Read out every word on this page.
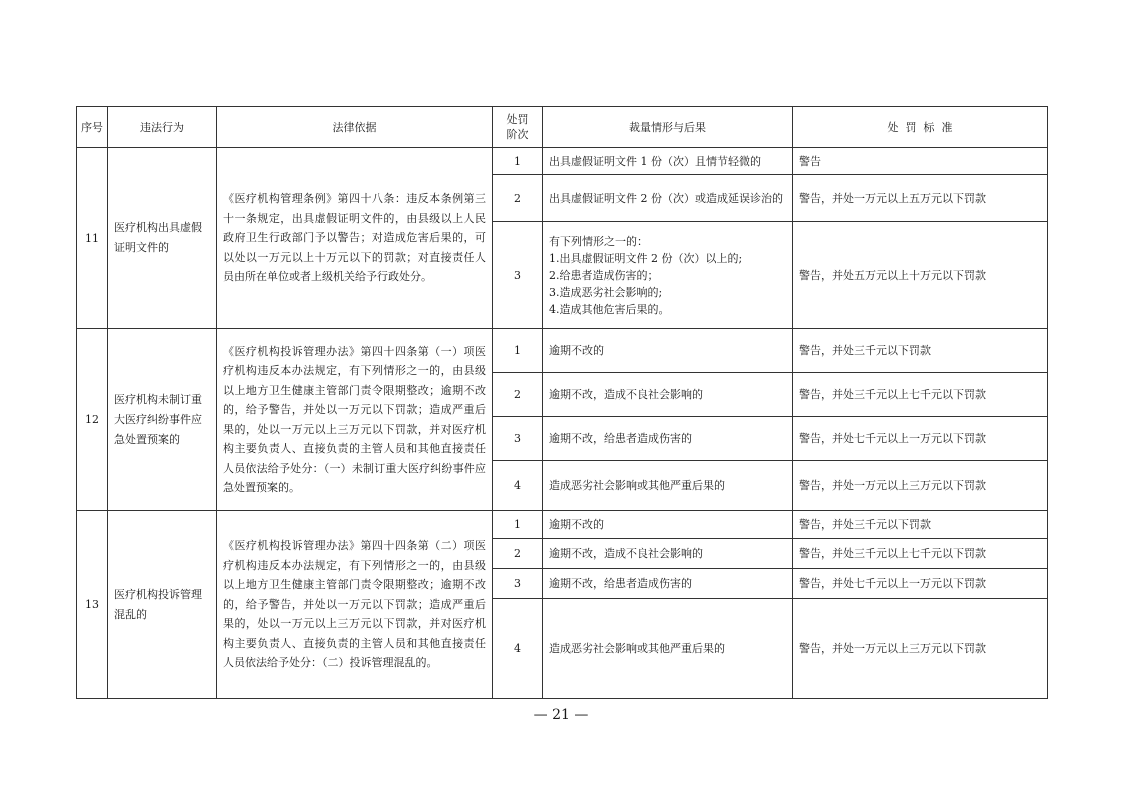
序号	违法行为	法律依据	处罚阶次	裁量情形与后果	处  罚  标  准
11	医疗机构出具虚假证明文件的	《医疗机构管理条例》第四十八条：违反本条例第三十一条规定，出具虚假证明文件的，由县级以上人民政府卫生行政部门予以警告；对造成危害后果的，可以处以一万元以上十万元以下的罚款；对直接责任人员由所在单位或者上级机关给予行政处分。	1	出具虚假证明文件 1 份（次）且情节轻微的	警告
			2	出具虚假证明文件 2 份（次）或造成延误诊治的	警告，并处一万元以上五万元以下罚款
			3	有下列情形之一的：
1.出具虚假证明文件 2 份（次）以上的;
2.给患者造成伤害的；
3.造成恶劣社会影响的;
4.造成其他危害后果的。	警告，并处五万元以上十万元以下罚款
12	医疗机构未制订重大医疗纠纷事件应急处置预案的	《医疗机构投诉管理办法》第四十四条第（一）项医疗机构违反本办法规定，有下列情形之一的，由县级以上地方卫生健康主管部门责令限期整改；逾期不改的，给予警告，并处以一万元以下罚款；造成严重后果的，处以一万元以上三万元以下罚款，并对医疗机构主要负责人、直接负责的主管人员和其他直接责任人员依法给予处分：（一）未制订重大医疗纠纷事件应急处置预案的。	1	逾期不改的	警告，并处三千元以下罚款
			2	逾期不改，造成不良社会影响的	警告，并处三千元以上七千元以下罚款
			3	逾期不改，给患者造成伤害的	警告，并处七千元以上一万元以下罚款
			4	造成恶劣社会影响或其他严重后果的	警告，并处一万元以上三万元以下罚款
13	医疗机构投诉管理混乱的	《医疗机构投诉管理办法》第四十四条第（二）项医疗机构违反本办法规定，有下列情形之一的，由县级以上地方卫生健康主管部门责令限期整改；逾期不改的，给予警告，并处以一万元以下罚款；造成严重后果的，处以一万元以上三万元以下罚款，并对医疗机构主要负责人、直接负责的主管人员和其他直接责任人员依法给予处分：（二）投诉管理混乱的。	1	逾期不改的	警告，并处三千元以下罚款
			2	逾期不改，造成不良社会影响的	警告，并处三千元以上七千元以下罚款
			3	逾期不改，给患者造成伤害的	警告，并处七千元以上一万元以下罚款
			4	造成恶劣社会影响或其他严重后果的	警告，并处一万元以上三万元以下罚款
— 21 —
